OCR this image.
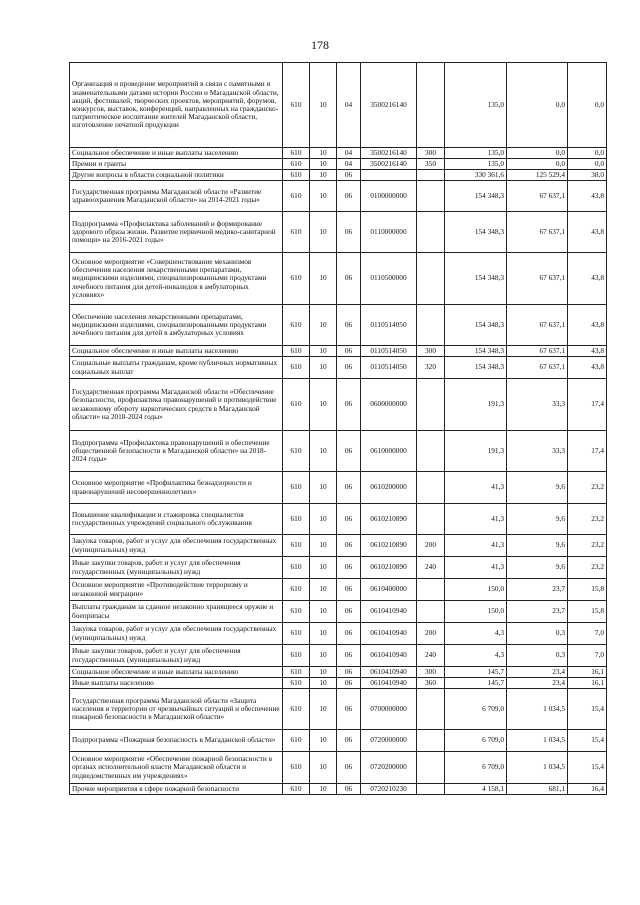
178
Организация и проведение мероприятий в связи с памятными и знаменательными датами истории России и Магаданской области, акций, фестивалей, творческих проектов, мероприятий, форумов, конкурсов, выставок, конференций, направленных на гражданско-патриотическое воспитание жителей Магаданской области, изготовление печатной продукции	610	10	04	3500216140		135,0	0,0	0,0
Социальное обеспечение и иные выплаты населению	610	10	04	3500216140	300	135,0	0,0	0,0
Премии и гранты	610	10	04	3500216140	350	135,0	0,0	0,0
Другие вопросы в области социальной политики	610	10	06			330 361,6	125 529,4	38,0
Государственная программа Магаданской области «Развитие здравоохранения Магаданской области» на 2014-2021 годы»	610	10	06	0100000000		154 348,3	67 637,1	43,8
Подпрограмма «Профилактика заболеваний и формирование здорового образа жизни. Развитие первичной медико-санитарной помощи» на 2016-2021 годы»	610	10	06	0110000000		154 348,3	67 637,1	43,8
Основное мероприятие «Совершенствование механизмов обеспечения населения лекарственными препаратами, медицинскими изделиями, специализированными продуктами лечебного питания для детей-инвалидов в амбулаторных условиях»	610	10	06	0110500000		154 348,3	67 637,1	43,8
Обеспечение населения лекарственными препаратами, медицинскими изделиями, специализированными продуктами лечебного питания для детей в амбулаторных условиях	610	10	06	0110514050		154 348,3	67 637,1	43,8
Социальное обеспечение и иные выплаты населению	610	10	06	0110514050	300	154 348,3	67 637,1	43,8
Социальные выплаты гражданам, кроме публичных нормативных социальных выплат	610	10	06	0110514050	320	154 348,3	67 637,1	43,8
Государственная программа Магаданской области «Обеспечение безопасности, профилактика правонарушений и противодействие незаконному обороту наркотических средств в Магаданской области» на 2018-2024 годы»	610	10	06	0600000000		191,3	33,3	17,4
Подпрограмма «Профилактика правонарушений и обеспечение общественной безопасности в Магаданской области» на 2018-2024 годы»	610	10	06	0610000000		191,3	33,3	17,4
Основное мероприятие «Профилактика безнадзорности и правонарушений несовершеннолетних»	610	10	06	0610200000		41,3	9,6	23,2
Повышение квалификации и стажировка специалистов государственных учреждений социального обслуживания	610	10	06	0610210890		41,3	9,6	23,2
Закупка товаров, работ и услуг для обеспечения государственных (муниципальных) нужд	610	10	06	0610210890	200	41,3	9,6	23,2
Иные закупки товаров, работ и услуг для обеспечения государственных (муниципальных) нужд	610	10	06	0610210890	240	41,3	9,6	23,2
Основное мероприятие «Противодействие терроризму и незаконной миграции»	610	10	06	0610400000		150,0	23,7	15,8
Выплаты гражданам за сданное незаконно хранящееся оружие и боеприпасы	610	10	06	0610410940		150,0	23,7	15,8
Закупка товаров, работ и услуг для обеспечения государственных (муниципальных) нужд	610	10	06	0610410940	200	4,3	0,3	7,0
Иные закупки товаров, работ и услуг для обеспечения государственных (муниципальных) нужд	610	10	06	0610410940	240	4,3	0,3	7,0
Социальное обеспечение и иные выплаты населению	610	10	06	0610410940	300	145,7	23,4	16,1
Иные выплаты населению	610	10	06	0610410940	360	145,7	23,4	16,1
Государственная программа Магаданской области «Защита населения и территории от чрезвычайных ситуаций и обеспечение пожарной безопасности в Магаданской области»	610	10	06	0700000000		6 709,0	1 034,5	15,4
Подпрограмма «Пожарная безопасность в Магаданской области»	610	10	06	0720000000		6 709,0	1 034,5	15,4
Основное мероприятие «Обеспечение пожарной безопасности в органах исполнительной власти Магаданской области и подведомственных им учреждениях»	610	10	06	0720200000		6 709,0	1 034,5	15,4
Прочие мероприятия в сфере пожарной безопасности	610	10	06	0720210230		4 158,1	681,1	16,4
